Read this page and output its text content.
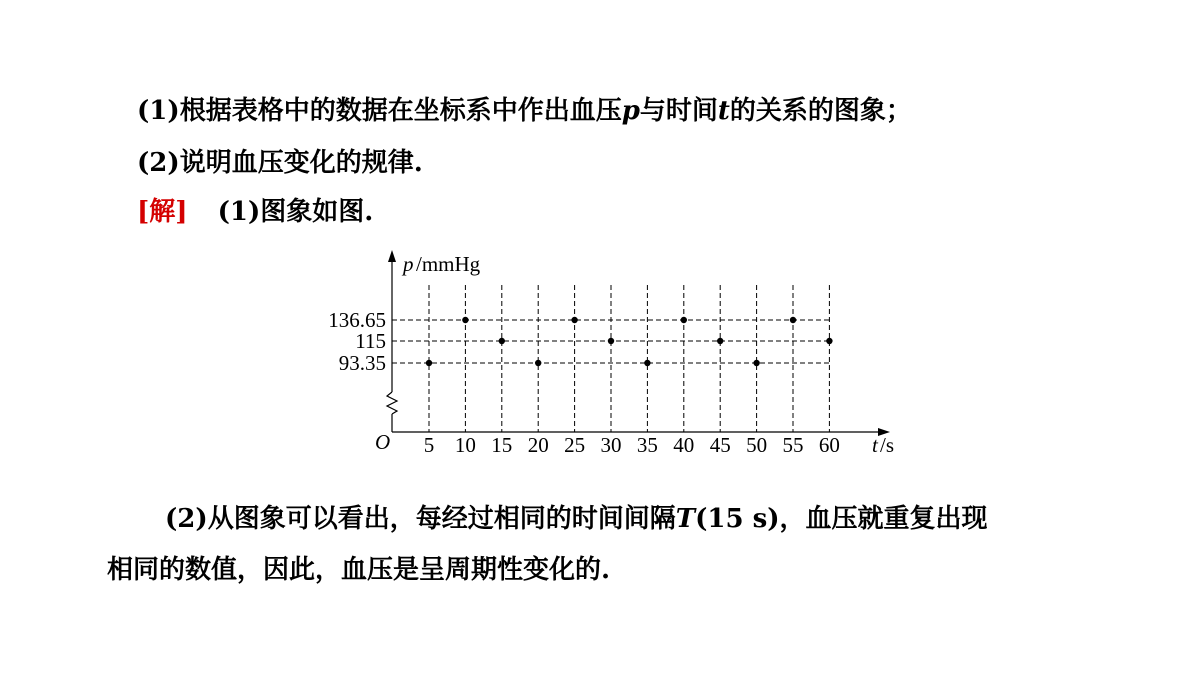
(1)根据表格中的数据在坐标系中作出血压p与时间t的关系的图象；
(2)说明血压变化的规律.
[解] (1)图象如图.
p /mmHg
t /s
O 5 10 15 20 25 30 35 40 45 50 55 60
136.65
115
93.35
(2)从图象可以看出，每经过相同的时间间隔T(15 s)，血压就重复出现
相同的数值，因此，血压是呈周期性变化的.
